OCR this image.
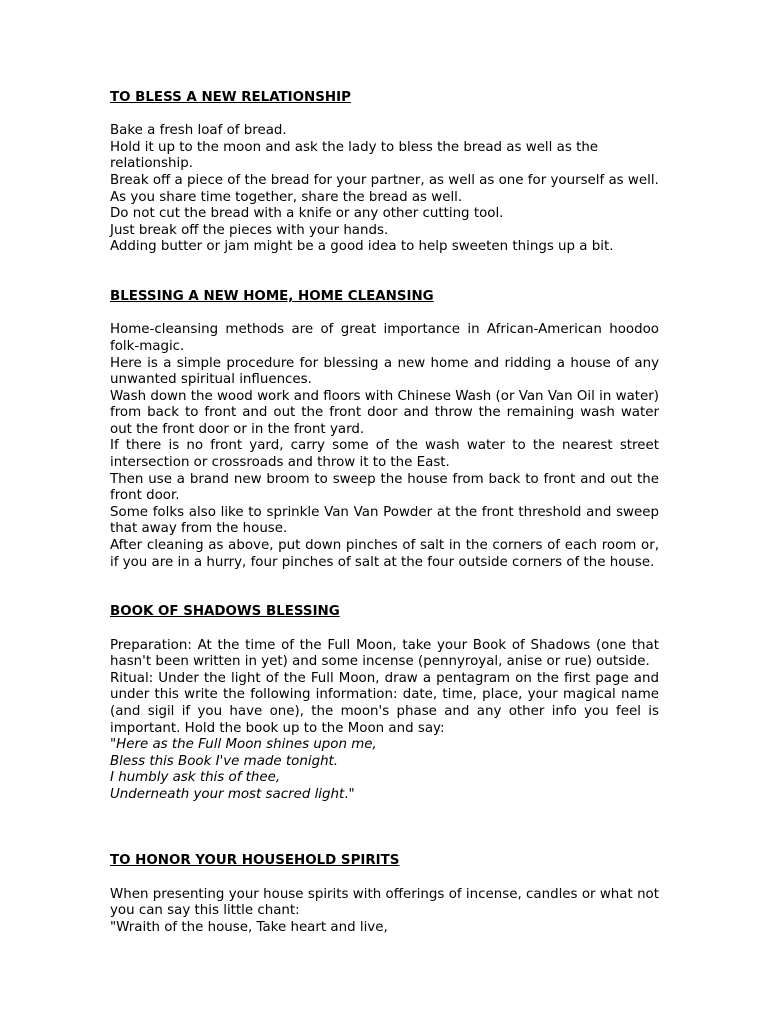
TO BLESS A NEW RELATIONSHIP

Bake a fresh loaf of bread.

Hold it up to the moon and ask the lady to bless the bread as well as the relationship.

Break off a piece of the bread for your partner, as well as one for yourself as well.

As you share time together, share the bread as well.

Do not cut the bread with a knife or any other cutting tool.

Just break off the pieces with your hands.

Adding butter or jam might be a good idea to help sweeten things up a bit.

BLESSING A NEW HOME, HOME CLEANSING

Home-cleansing methods are of great importance in African-American hoodoo folk-magic.

Here is a simple procedure for blessing a new home and ridding a house of any unwanted spiritual influences.

Wash down the wood work and floors with Chinese Wash (or Van Van Oil in water) from back to front and out the front door and throw the remaining wash water out the front door or in the front yard.

If there is no front yard, carry some of the wash water to the nearest street intersection or crossroads and throw it to the East.

Then use a brand new broom to sweep the house from back to front and out the front door.

Some folks also like to sprinkle Van Van Powder at the front threshold and sweep that away from the house.

After cleaning as above, put down pinches of salt in the corners of each room or, if you are in a hurry, four pinches of salt at the four outside corners of the house.

BOOK OF SHADOWS BLESSING

Preparation: At the time of the Full Moon, take your Book of Shadows (one that hasn't been written in yet) and some incense (pennyroyal, anise or rue) outside.

Ritual: Under the light of the Full Moon, draw a pentagram on the first page and under this write the following information: date, time, place, your magical name (and sigil if you have one), the moon's phase and any other info you feel is important. Hold the book up to the Moon and say:

"Here as the Full Moon shines upon me,

Bless this Book I've made tonight.

I humbly ask this of thee,

Underneath your most sacred light."

TO HONOR YOUR HOUSEHOLD SPIRITS

When presenting your house spirits with offerings of incense, candles or what not you can say this little chant:

"Wraith of the house, Take heart and live,
